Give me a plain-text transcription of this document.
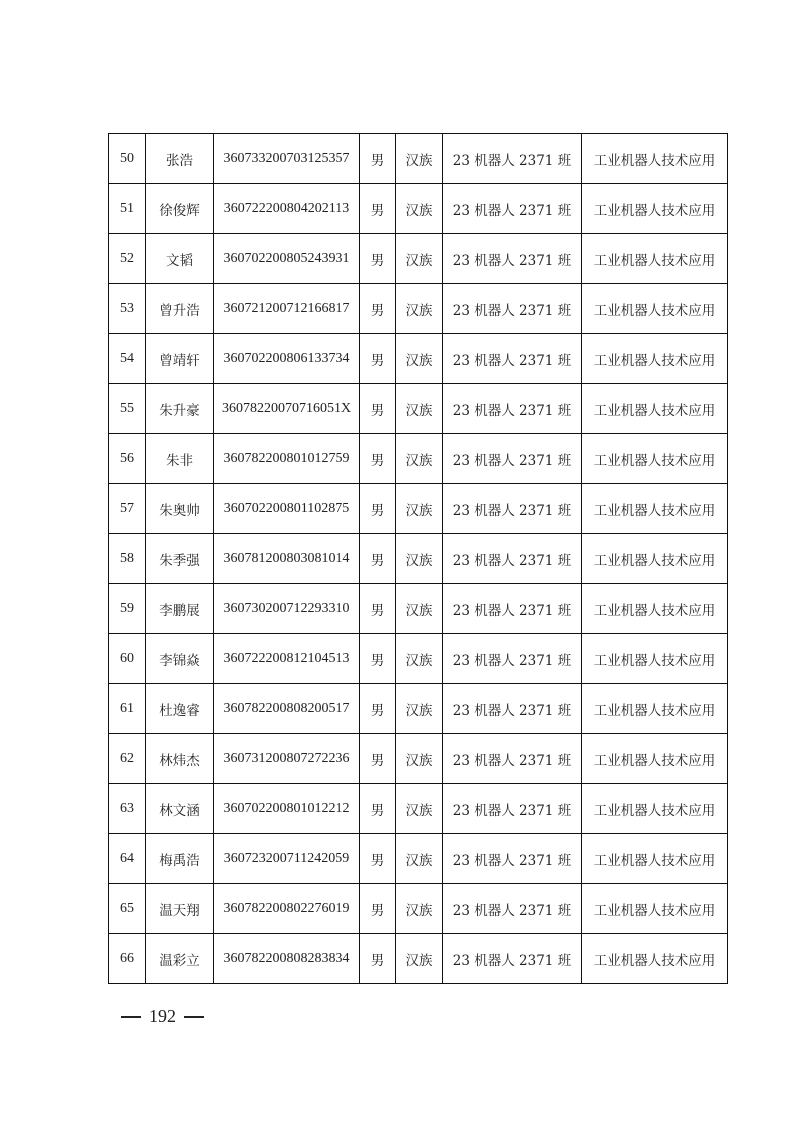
50	张浩	360733200703125357	男	汉族	23 机器人 2371 班	工业机器人技术应用
51	徐俊辉	360722200804202113	男	汉族	23 机器人 2371 班	工业机器人技术应用
52	文韬	360702200805243931	男	汉族	23 机器人 2371 班	工业机器人技术应用
53	曾升浩	360721200712166817	男	汉族	23 机器人 2371 班	工业机器人技术应用
54	曾靖轩	360702200806133734	男	汉族	23 机器人 2371 班	工业机器人技术应用
55	朱升豪	36078220070716051X	男	汉族	23 机器人 2371 班	工业机器人技术应用
56	朱非	360782200801012759	男	汉族	23 机器人 2371 班	工业机器人技术应用
57	朱奥帅	360702200801102875	男	汉族	23 机器人 2371 班	工业机器人技术应用
58	朱季强	360781200803081014	男	汉族	23 机器人 2371 班	工业机器人技术应用
59	李鹏展	360730200712293310	男	汉族	23 机器人 2371 班	工业机器人技术应用
60	李锦焱	360722200812104513	男	汉族	23 机器人 2371 班	工业机器人技术应用
61	杜逸睿	360782200808200517	男	汉族	23 机器人 2371 班	工业机器人技术应用
62	林炜杰	360731200807272236	男	汉族	23 机器人 2371 班	工业机器人技术应用
63	林文涵	360702200801012212	男	汉族	23 机器人 2371 班	工业机器人技术应用
64	梅禹浩	360723200711242059	男	汉族	23 机器人 2371 班	工业机器人技术应用
65	温天翔	360782200802276019	男	汉族	23 机器人 2371 班	工业机器人技术应用
66	温彩立	360782200808283834	男	汉族	23 机器人 2371 班	工业机器人技术应用
192
